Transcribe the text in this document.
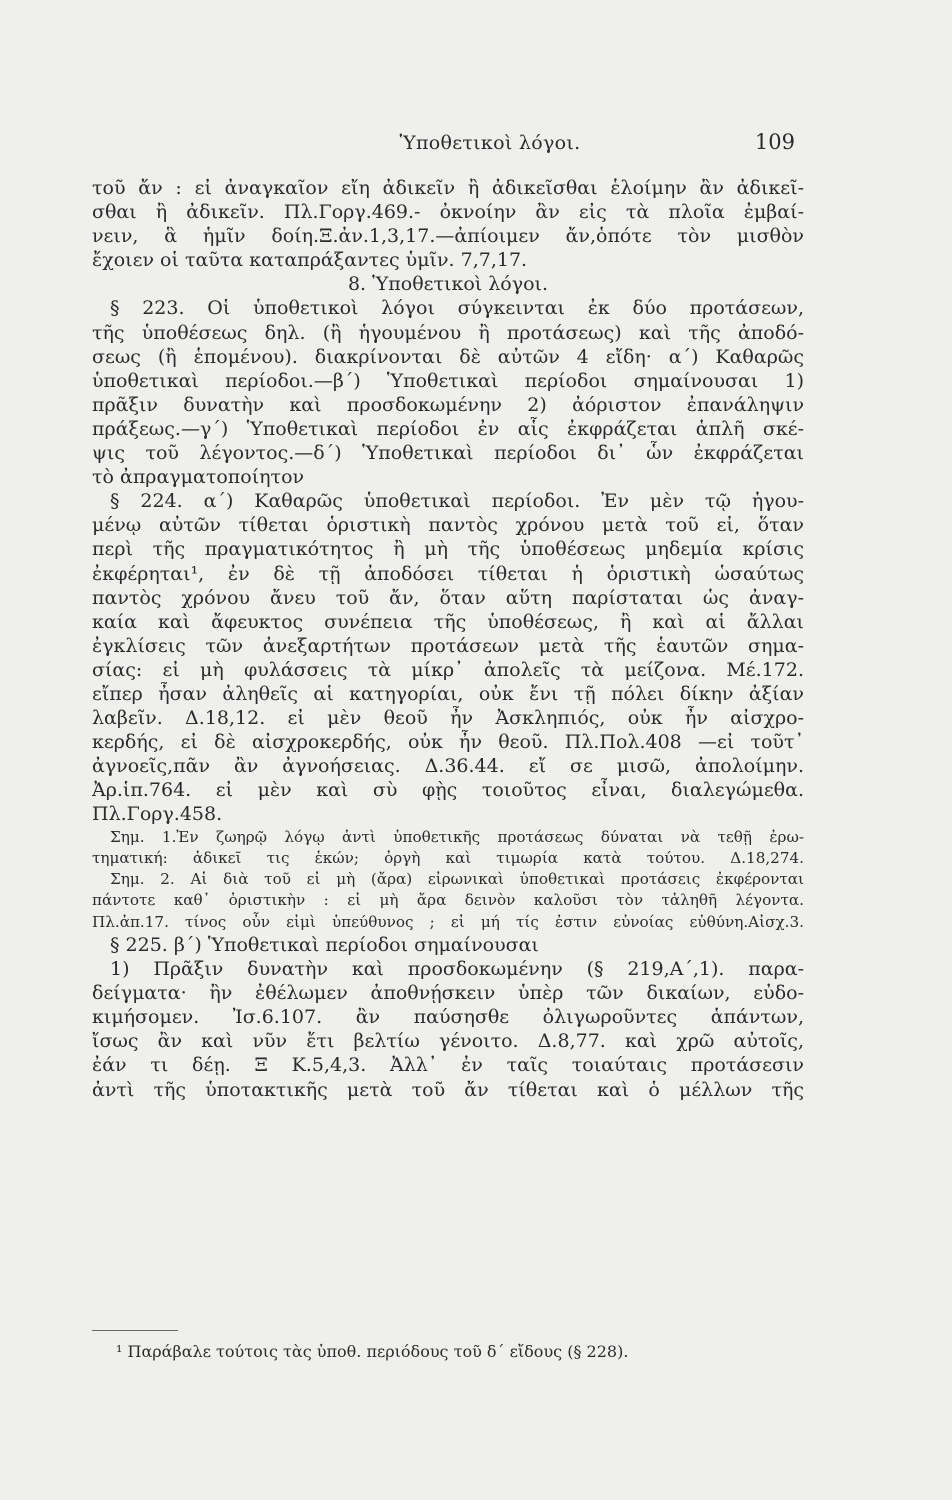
Ὑποθετικοὶ λόγοι.	109
τοῦ ἄν : εἰ ἀναγκαῖον εἴη ἀδικεῖν ἢ ἀδικεῖσθαι ἑλοίμην ἂν ἀδικεῖ-
σθαι ἢ ἀδικεῖν. Πλ.Γοργ.469.- ὀκνοίην ἂν εἰς τὰ πλοῖα ἐμβαί-
νειν, ἃ ἡμῖν δοίη.Ξ.ἀν.1,3,17.—ἀπίοιμεν ἄν,ὁπότε τὸν μισθὸν
ἔχοιεν οἱ ταῦτα καταπράξαντες ὑμῖν. 7,7,17.
8. Ὑποθετικοὶ λόγοι.
§ 223. Οἱ ὑποθετικοὶ λόγοι σύγκεινται ἐκ δύο προτάσεων,
τῆς ὑποθέσεως δηλ. (ἢ ἡγουμένου ἢ προτάσεως) καὶ τῆς ἀποδό-
σεως (ἢ ἑπομένου). διακρίνονται δὲ αὐτῶν 4 εἴδη· α΄) Καθαρῶς
ὑποθετικαὶ περίοδοι.—β΄) Ὑποθετικαὶ περίοδοι σημαίνουσαι 1)
πρᾶξιν δυνατὴν καὶ προσδοκωμένην 2) ἀόριστον ἐπανάληψιν
πράξεως.—γ΄) Ὑποθετικαὶ περίοδοι ἐν αἷς ἐκφράζεται ἁπλῆ σκέ-
ψις τοῦ λέγοντος.—δ΄) Ὑποθετικαὶ περίοδοι δι᾽ ὧν ἐκφράζεται
τὸ ἀπραγματοποίητον
§ 224. α΄) Καθαρῶς ὑποθετικαὶ περίοδοι. Ἐν μὲν τῷ ἡγου-
μένῳ αὐτῶν τίθεται ὁριστικὴ παντὸς χρόνου μετὰ τοῦ εἰ, ὅταν
περὶ τῆς πραγματικότητος ἢ μὴ τῆς ὑποθέσεως μηδεμία κρίσις
ἐκφέρηται¹, ἐν δὲ τῇ ἀποδόσει τίθεται ἡ ὁριστικὴ ὡσαύτως
παντὸς χρόνου ἄνευ τοῦ ἄν, ὅταν αὕτη παρίσταται ὡς ἀναγ-
καία καὶ ἄφευκτος συνέπεια τῆς ὑποθέσεως, ἢ καὶ αἱ ἄλλαι
ἐγκλίσεις τῶν ἀνεξαρτήτων προτάσεων μετὰ τῆς ἑαυτῶν σημα-
σίας: εἰ μὴ φυλάσσεις τὰ μίκρ᾽ ἀπολεῖς τὰ μείζονα. Μέ.172.
εἴπερ ἦσαν ἀληθεῖς αἱ κατηγορίαι, οὐκ ἔνι τῇ πόλει δίκην ἀξίαν
λαβεῖν. Δ.18,12. εἰ μὲν θεοῦ ἦν Ἀσκληπιός, οὐκ ἦν αἰσχρο-
κερδής, εἰ δὲ αἰσχροκερδής, οὐκ ἦν θεοῦ. Πλ.Πολ.408 —εἰ τοῦτ᾽
ἀγνοεῖς,πᾶν ἂν ἀγνοήσειας. Δ.36.44. εἴ σε μισῶ, ἀπολοίμην.
Ἀρ.ἱπ.764. εἰ μὲν καὶ σὺ φῂς τοιοῦτος εἶναι, διαλεγώμεθα.
Πλ.Γοργ.458.
Σημ. 1.Ἐν ζωηρῷ λόγῳ ἀντὶ ὑποθετικῆς προτάσεως δύναται νὰ τεθῇ ἐρω-
τηματική: ἀδικεῖ τις ἑκών; ὀργὴ καὶ τιμωρία κατὰ τούτου. Δ.18,274.
Σημ. 2. Αἱ διὰ τοῦ εἰ μὴ (ἄρα) εἰρωνικαὶ ὑποθετικαὶ προτάσεις ἐκφέρονται
πάντοτε καθ᾽ ὁριστικὴν : εἰ μὴ ἄρα δεινὸν καλοῦσι τὸν τἀληθῆ λέγοντα.
Πλ.ἀπ.17. τίνος οὖν εἰμὶ ὑπεύθυνος ; εἰ μή τίς ἐστιν εὐνοίας εὐθύνη.Αἰσχ.3.
§ 225. β΄) Ὑποθετικαὶ περίοδοι σημαίνουσαι
1) Πρᾶξιν δυνατὴν καὶ προσδοκωμένην (§ 219,Α΄,1). παρα-
δείγματα· ἢν ἐθέλωμεν ἀποθνῄσκειν ὑπὲρ τῶν δικαίων, εὐδο-
κιμήσομεν. Ἰσ.6.107. ἂν παύσησθε ὀλιγωροῦντες ἁπάντων,
ἴσως ἂν καὶ νῦν ἔτι βελτίω γένοιτο. Δ.8,77. καὶ χρῶ αὐτοῖς,
ἐάν τι δέῃ. Ξ Κ.5,4,3. Ἀλλ᾽ ἐν ταῖς τοιαύταις προτάσεσιν
ἀντὶ τῆς ὑποτακτικῆς μετὰ τοῦ ἄν τίθεται καὶ ὁ μέλλων τῆς
¹ Παράβαλε τούτοις τὰς ὑποθ. περιόδους τοῦ δ΄ εἴδους (§ 228).
